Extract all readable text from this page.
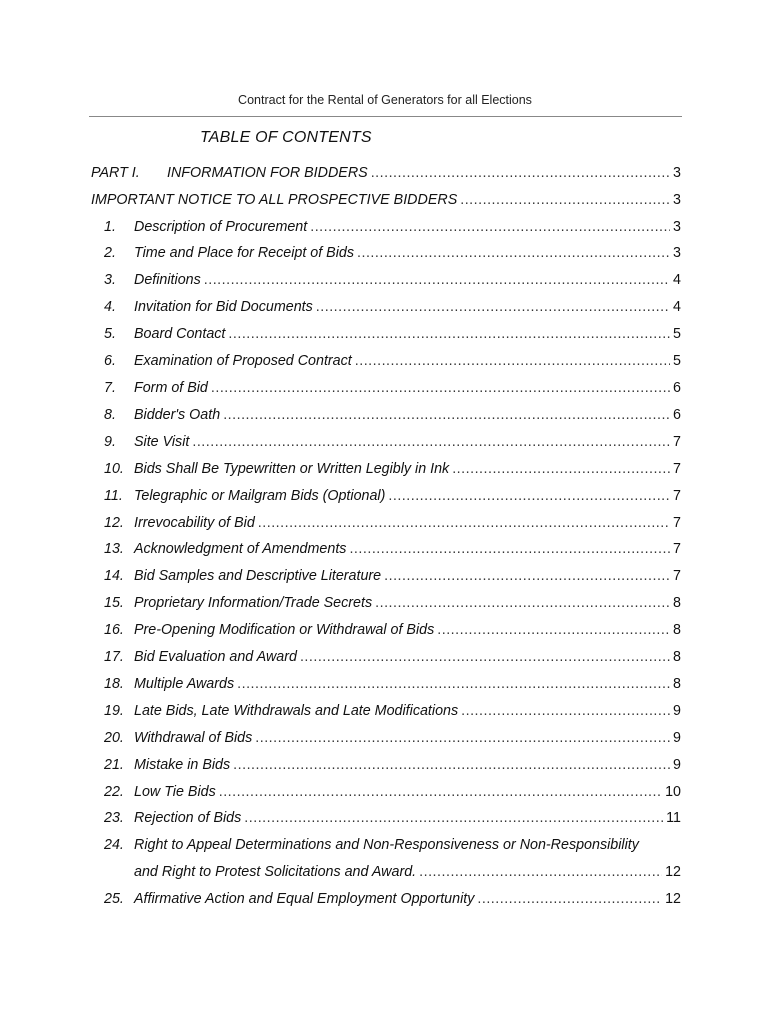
Contract for the Rental of Generators for all Elections
TABLE OF CONTENTS
PART I.	INFORMATION FOR BIDDERS .....	3
IMPORTANT NOTICE TO ALL PROSPECTIVE BIDDERS .....	3
1.	Description of Procurement .....	3
2.	Time and Place for Receipt of Bids .....	3
3.	Definitions .....	4
4.	Invitation for Bid Documents .....	4
5.	Board Contact .....	5
6.	Examination of Proposed Contract .....	5
7.	Form of Bid .....	6
8.	Bidder's Oath .....	6
9.	Site Visit .....	7
10. Bids Shall Be Typewritten or Written Legibly in Ink .....	7
11. Telegraphic or Mailgram Bids (Optional) .....	7
12. Irrevocability of Bid .....	7
13. Acknowledgment of Amendments .....	7
14. Bid Samples and Descriptive Literature .....	7
15. Proprietary Information/Trade Secrets .....	8
16. Pre-Opening Modification or Withdrawal of Bids .....	8
17. Bid Evaluation and Award .....	8
18. Multiple Awards .....	8
19. Late Bids, Late Withdrawals and Late Modifications .....	9
20. Withdrawal of Bids .....	9
21. Mistake in Bids .....	9
22. Low Tie Bids .....	10
23. Rejection of Bids .....	11
24. Right to Appeal Determinations and Non-Responsiveness or Non-Responsibility
and Right to Protest Solicitations and Award. .....	12
25. Affirmative Action and Equal Employment Opportunity .....	12
